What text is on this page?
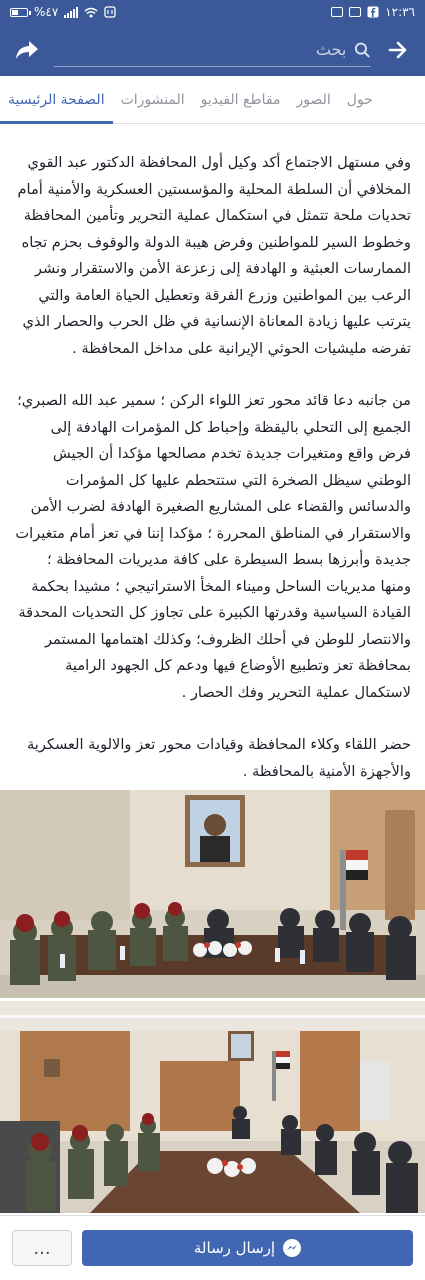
%٤٧	١٢:٣٦
بحث
الصفحة الرئيسية	المنشورات	مقاطع الفيديو	الصور	حول

وفي مستهل الاجتماع أكد وكيل أول المحافظة الدكتور عبد القوي المخلافي أن السلطة المحلية والمؤسستين العسكرية والأمنية أمام تحديات ملحة تتمثل في استكمال عملية التحرير وتأمين المحافظة وخطوط السير للمواطنين وفرض هيبة الدولة والوقوف بحزم تجاه الممارسات العبثية و الهادفة إلى زعزعة الأمن والاستقرار ونشر الرعب بين المواطنين وزرع الفرقة وتعطيل الحياة العامة والتي يترتب عليها زيادة المعاناة الإنسانية في ظل الحرب والحصار الذي تفرضه مليشيات الحوثي الإيرانية على مداخل المحافظة .

من جانبه دعا قائد محور تعز اللواء الركن ؛ سمير عبد الله الصبري؛ الجميع إلى التحلي باليقظة وإحباط كل المؤمرات الهادفة إلى فرض واقع ومتغيرات جديدة تخدم مصالحها مؤكدا أن الجيش الوطني سيظل الصخرة التي ستتحطم عليها كل المؤمرات والدسائس والقضاء على المشاريع الصغيرة الهادفة لضرب الأمن والاستقرار في المناطق المحررة ؛ مؤكدا إننا في تعز أمام متغيرات جديدة وأبرزها بسط السيطرة على كافة مديريات المحافظة ؛ ومنها مديريات الساحل وميناء المخأ الاستراتيجي ؛ مشيدا بحكمة القيادة السياسية وقدرتها الكبيرة على تجاوز كل التحديات المحدقة والانتصار للوطن في أحلك الظروف؛ وكذلك اهتمامها المستمر بمحافظة تعز وتطبيع الأوضاع فيها ودعم كل الجهود الرامية لاستكمال عملية التحرير وفك الحصار .

حضر اللقاء وكلاء المحافظة وقيادات محور تعز والالوية العسكرية والأجهزة الأمنية بالمحافظة .

...	إرسال رسالة
